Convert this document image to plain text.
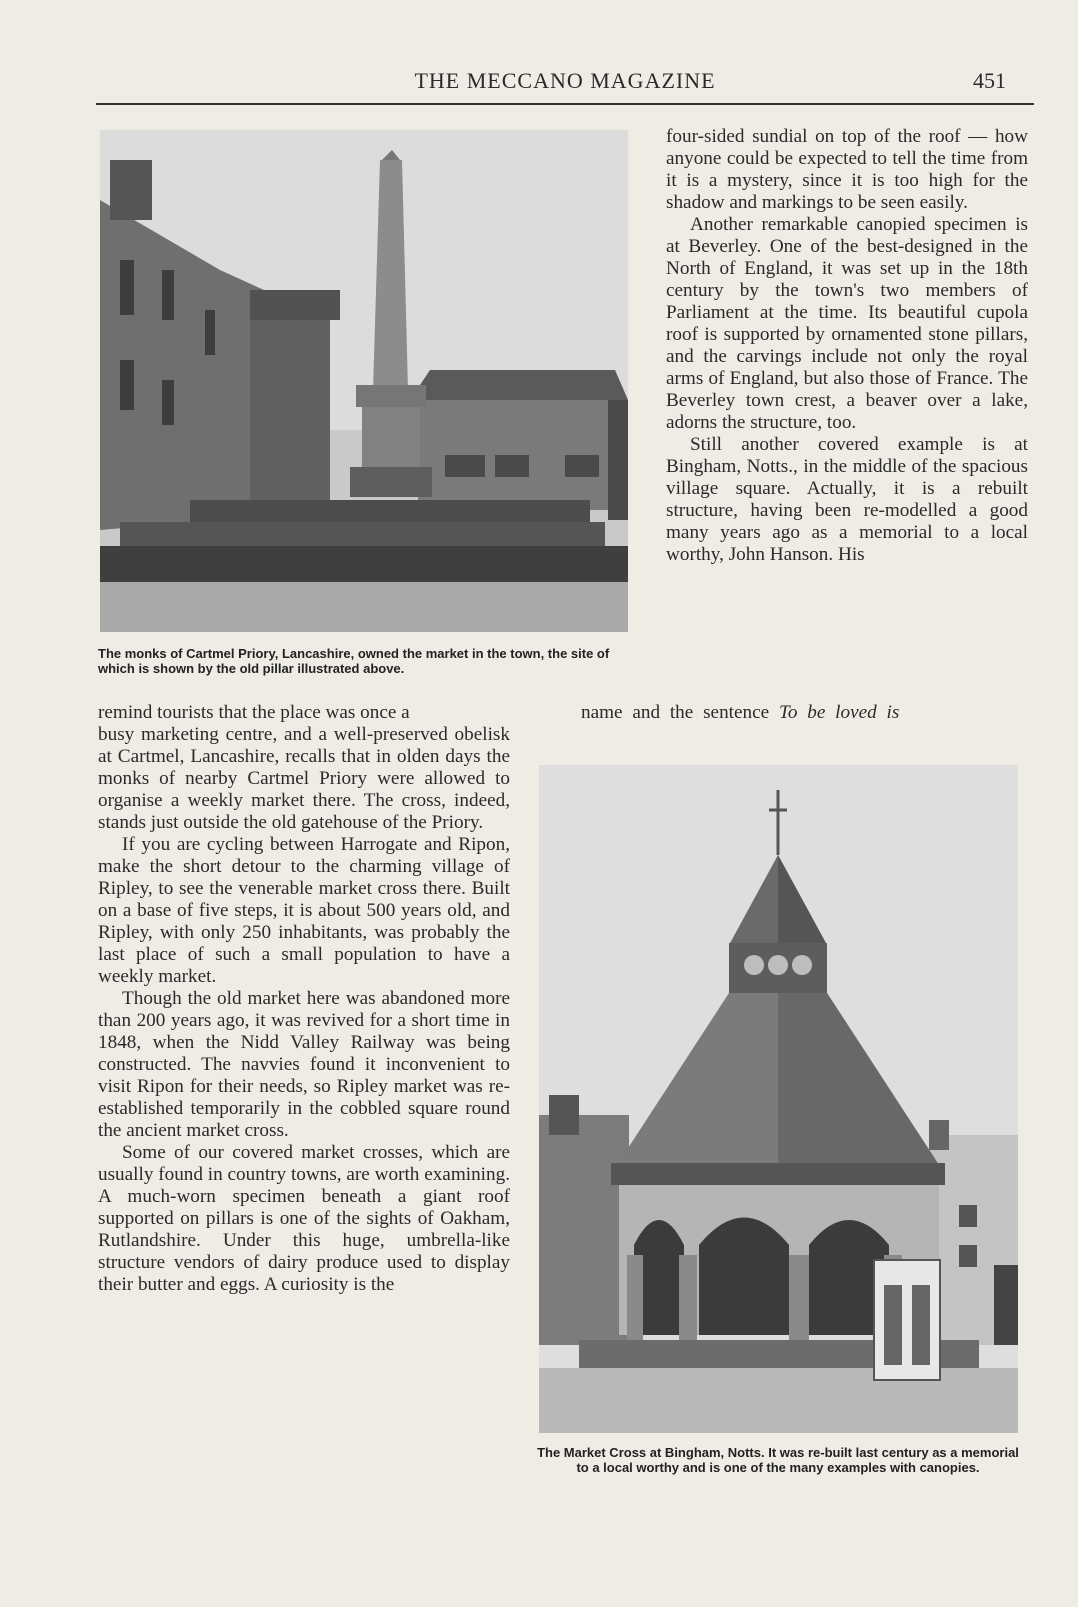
THE MECCANO MAGAZINE	451
The monks of Cartmel Priory, Lancashire, owned the market in the town, the site of which is shown by the old pillar illustrated above.

four-sided sundial on top of the roof — how anyone could be expected to tell the time from it is a mystery, since it is too high for the shadow and markings to be seen easily.

Another remarkable canopied specimen is at Beverley. One of the best-designed in the North of England, it was set up in the 18th century by the town's two members of Parliament at the time. Its beautiful cupola roof is supported by ornamented stone pillars, and the carvings include not only the royal arms of England, but also those of France. The Beverley town crest, a beaver over a lake, adorns the structure, too.

Still another covered example is at Bingham, Notts., in the middle of the spacious village square. Actually, it is a rebuilt structure, having been re-modelled a good many years ago as a memorial to a local worthy, John Hanson. His

remind tourists that the place was once a	name and the sentence To be loved is

busy marketing centre, and a well-preserved obelisk at Cartmel, Lancashire, recalls that in olden days the monks of nearby Cartmel Priory were allowed to organise a weekly market there. The cross, indeed, stands just outside the old gatehouse of the Priory.

If you are cycling between Harrogate and Ripon, make the short detour to the charming village of Ripley, to see the venerable market cross there. Built on a base of five steps, it is about 500 years old, and Ripley, with only 250 inhabitants, was probably the last place of such a small population to have a weekly market.

Though the old market here was abandoned more than 200 years ago, it was revived for a short time in 1848, when the Nidd Valley Railway was being constructed. The navvies found it inconvenient to visit Ripon for their needs, so Ripley market was re-established temporarily in the cobbled square round the ancient market cross.

Some of our covered market crosses, which are usually found in country towns, are worth examining. A much-worn specimen beneath a giant roof supported on pillars is one of the sights of Oakham, Rutlandshire. Under this huge, umbrella-like structure vendors of dairy produce used to display their butter and eggs. A curiosity is the

The Market Cross at Bingham, Notts. It was re-built last century as a memorial to a local worthy and is one of the many examples with canopies.
